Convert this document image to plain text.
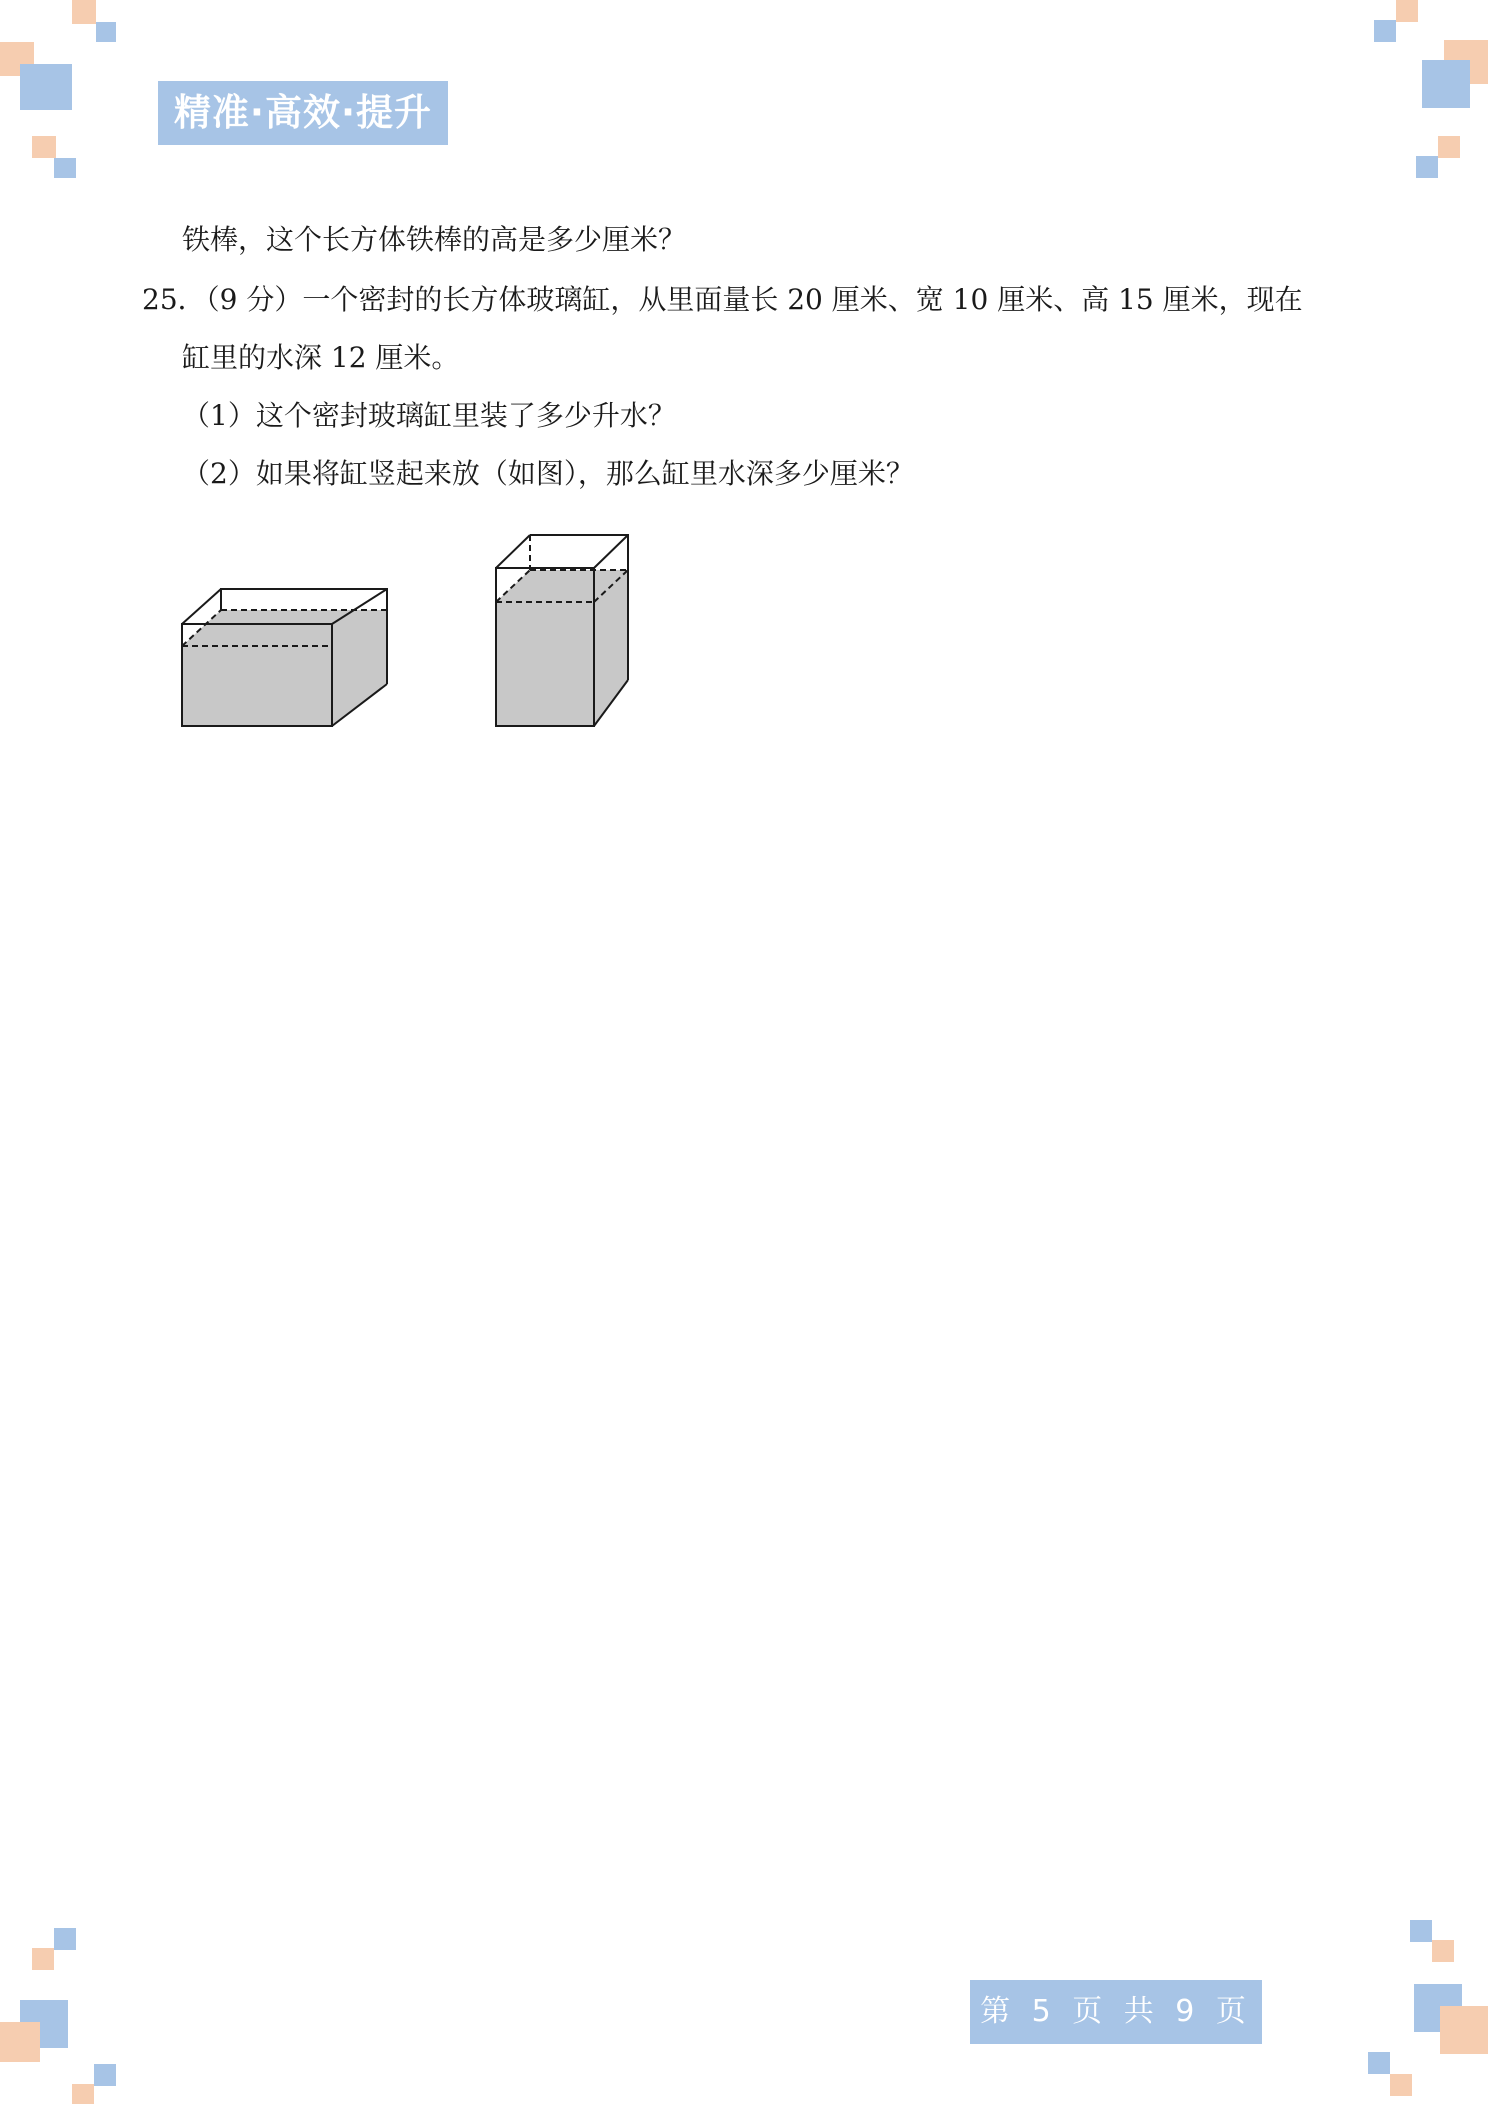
精准·高效·提升
铁棒，这个长方体铁棒的高是多少厘米？
25．（9 分）一个密封的长方体玻璃缸，从里面量长 20 厘米、宽 10 厘米、高 15 厘米，现在
缸里的水深 12 厘米。
（1）这个密封玻璃缸里装了多少升水？
（2）如果将缸竖起来放（如图），那么缸里水深多少厘米？
第 5 页 共 9 页
